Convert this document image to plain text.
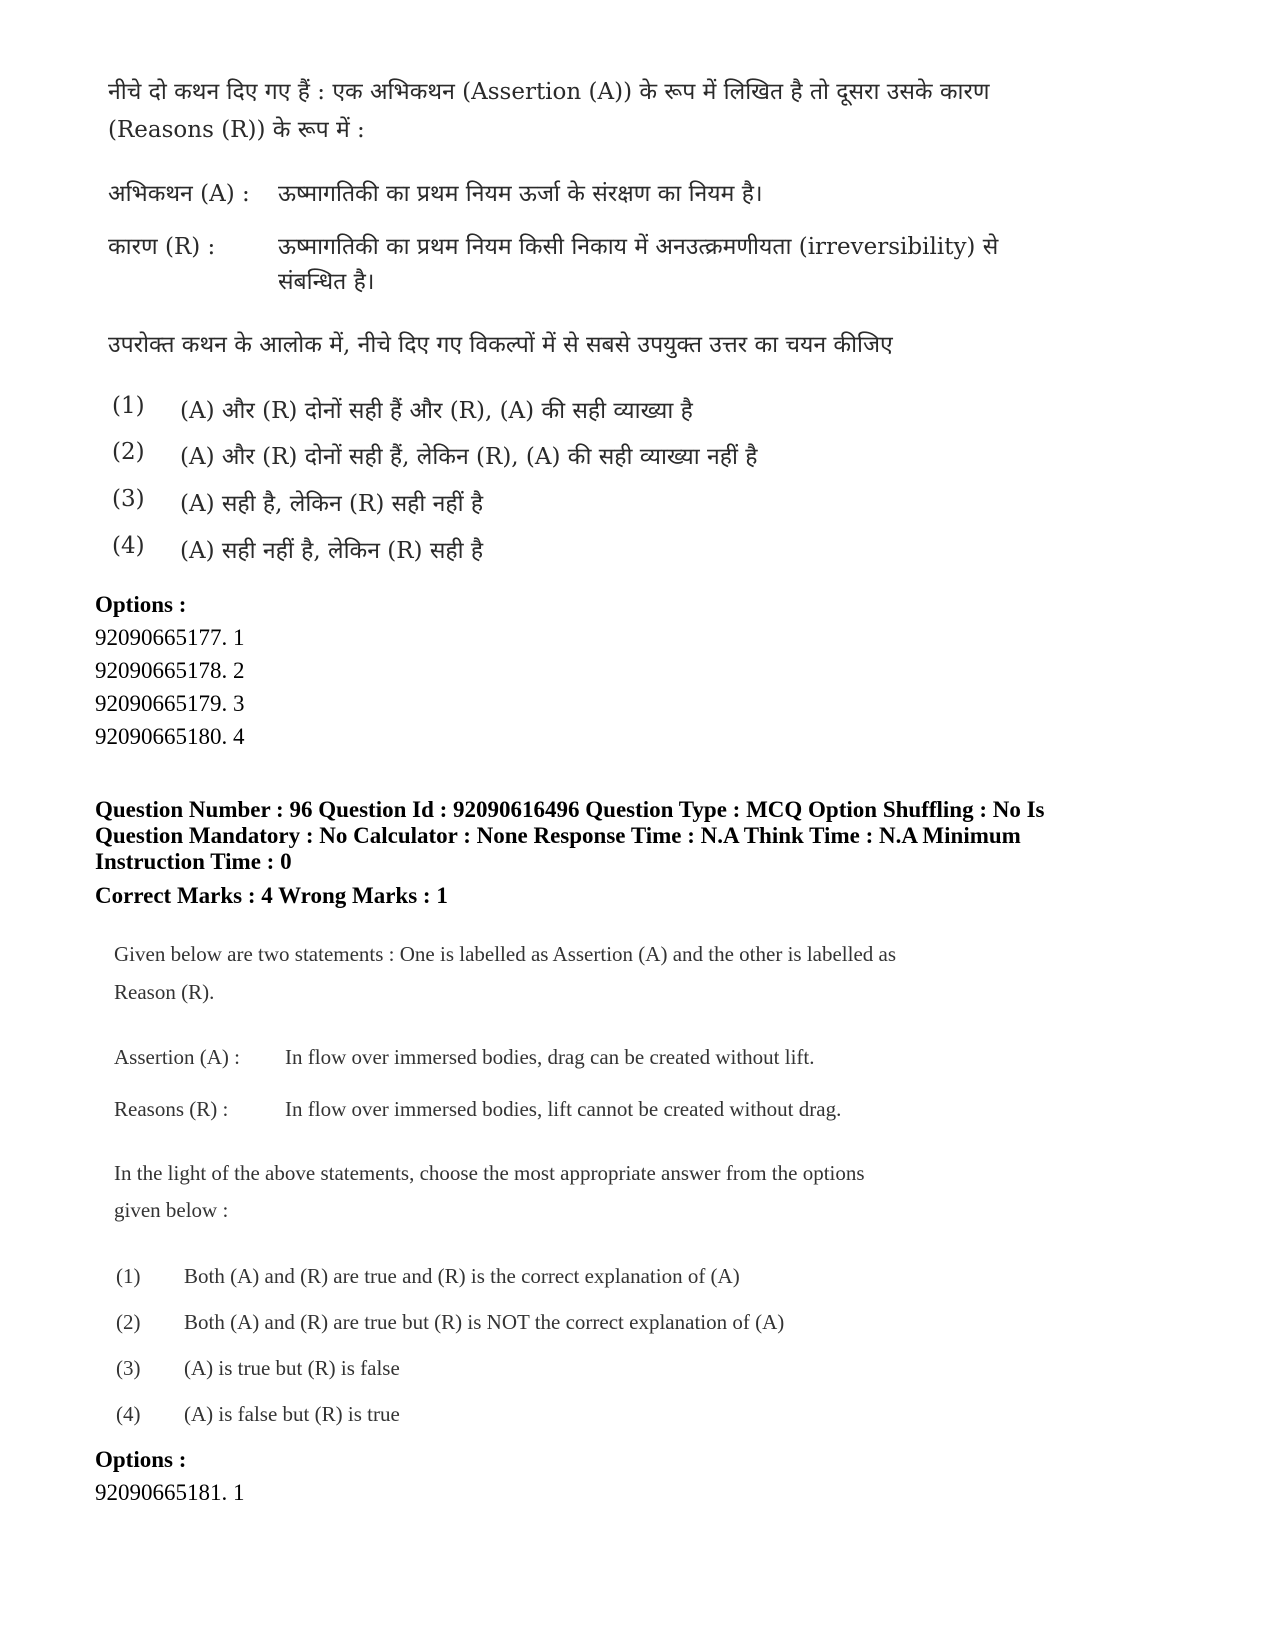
नीचे दो कथन दिए गए हैं : एक अभिकथन (Assertion (A)) के रूप में लिखित है तो दूसरा उसके कारण
(Reasons (R)) के रूप में :
अभिकथन (A) : ऊष्मागतिकी का प्रथम नियम ऊर्जा के संरक्षण का नियम है।
कारण (R) :	ऊष्मागतिकी का प्रथम नियम किसी निकाय में अनउत्क्रमणीयता (irreversibility) से
संबन्धित है।
उपरोक्त कथन के आलोक में, नीचे दिए गए विकल्पों में से सबसे उपयुक्त उत्तर का चयन कीजिए
(1) (A) और (R) दोनों सही हैं और (R), (A) की सही व्याख्या है
(2) (A) और (R) दोनों सही हैं, लेकिन (R), (A) की सही व्याख्या नहीं है
(3) (A) सही है, लेकिन (R) सही नहीं है
(4) (A) सही नहीं है, लेकिन (R) सही है
Options :
92090665177. 1
92090665178. 2
92090665179. 3
92090665180. 4
Question Number : 96 Question Id : 92090616496 Question Type : MCQ Option Shuffling : No Is
Question Mandatory : No Calculator : None Response Time : N.A Think Time : N.A Minimum
Instruction Time : 0
Correct Marks : 4 Wrong Marks : 1
Given below are two statements : One is labelled as Assertion (A) and the other is labelled as
Reason (R).
Assertion (A) : In flow over immersed bodies, drag can be created without lift.
Reasons (R) :	In flow over immersed bodies, lift cannot be created without drag.
In the light of the above statements, choose the most appropriate answer from the options
given below :
(1) Both (A) and (R) are true and (R) is the correct explanation of (A)
(2) Both (A) and (R) are true but (R) is NOT the correct explanation of (A)
(3) (A) is true but (R) is false
(4) (A) is false but (R) is true
Options :
92090665181. 1
